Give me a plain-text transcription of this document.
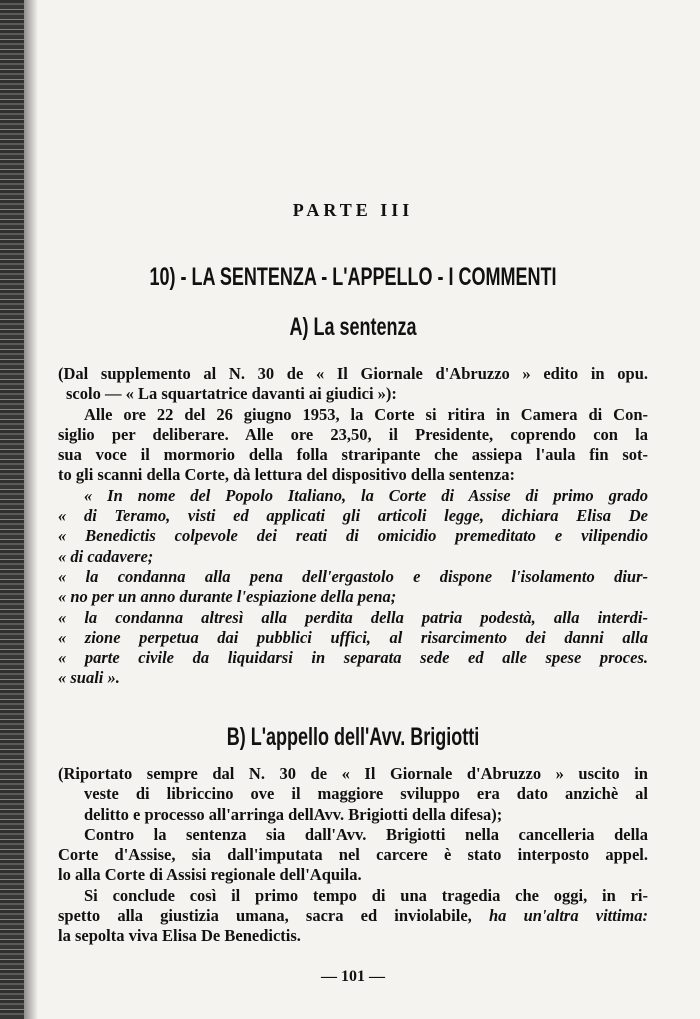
PARTE III
10) - LA SENTENZA - L'APPELLO - I COMMENTI
A) La sentenza
(Dal supplemento al N. 30 de « Il Giornale d'Abruzzo » edito in opu.
scolo — « La squartatrice davanti ai giudici »):
Alle ore 22 del 26 giugno 1953, la Corte si ritira in Camera di Con-
siglio per deliberare. Alle ore 23,50, il Presidente, coprendo con la
sua voce il mormorio della folla straripante che assiepa l'aula fin sot-
to gli scanni della Corte, dà lettura del dispositivo della sentenza:
« In nome del Popolo Italiano, la Corte di Assise di primo grado
« di Teramo, visti ed applicati gli articoli legge, dichiara Elisa De
« Benedictis colpevole dei reati di omicidio premeditato e vilipendio
« di cadavere;
« la condanna alla pena dell'ergastolo e dispone l'isolamento diur-
« no per un anno durante l'espiazione della pena;
« la condanna altresì alla perdita della patria podestà, alla interdi-
« zione perpetua dai pubblici uffici, al risarcimento dei danni alla
« parte civile da liquidarsi in separata sede ed alle spese proces.
« suali ».
B) L'appello dell'Avv. Brigiotti
(Riportato sempre dal N. 30 de « Il Giornale d'Abruzzo » uscito in
veste di libriccino ove il maggiore sviluppo era dato anzichè al
delitto e processo all'arringa dellAvv. Brigiotti della difesa);
Contro la sentenza sia dall'Avv. Brigiotti nella cancelleria della
Corte d'Assise, sia dall'imputata nel carcere è stato interposto appel.
lo alla Corte di Assisi regionale dell'Aquila.
Si conclude così il primo tempo di una tragedia che oggi, in ri-
spetto alla giustizia umana, sacra ed inviolabile, ha un'altra vittima:
la sepolta viva Elisa De Benedictis.
— 101 —
